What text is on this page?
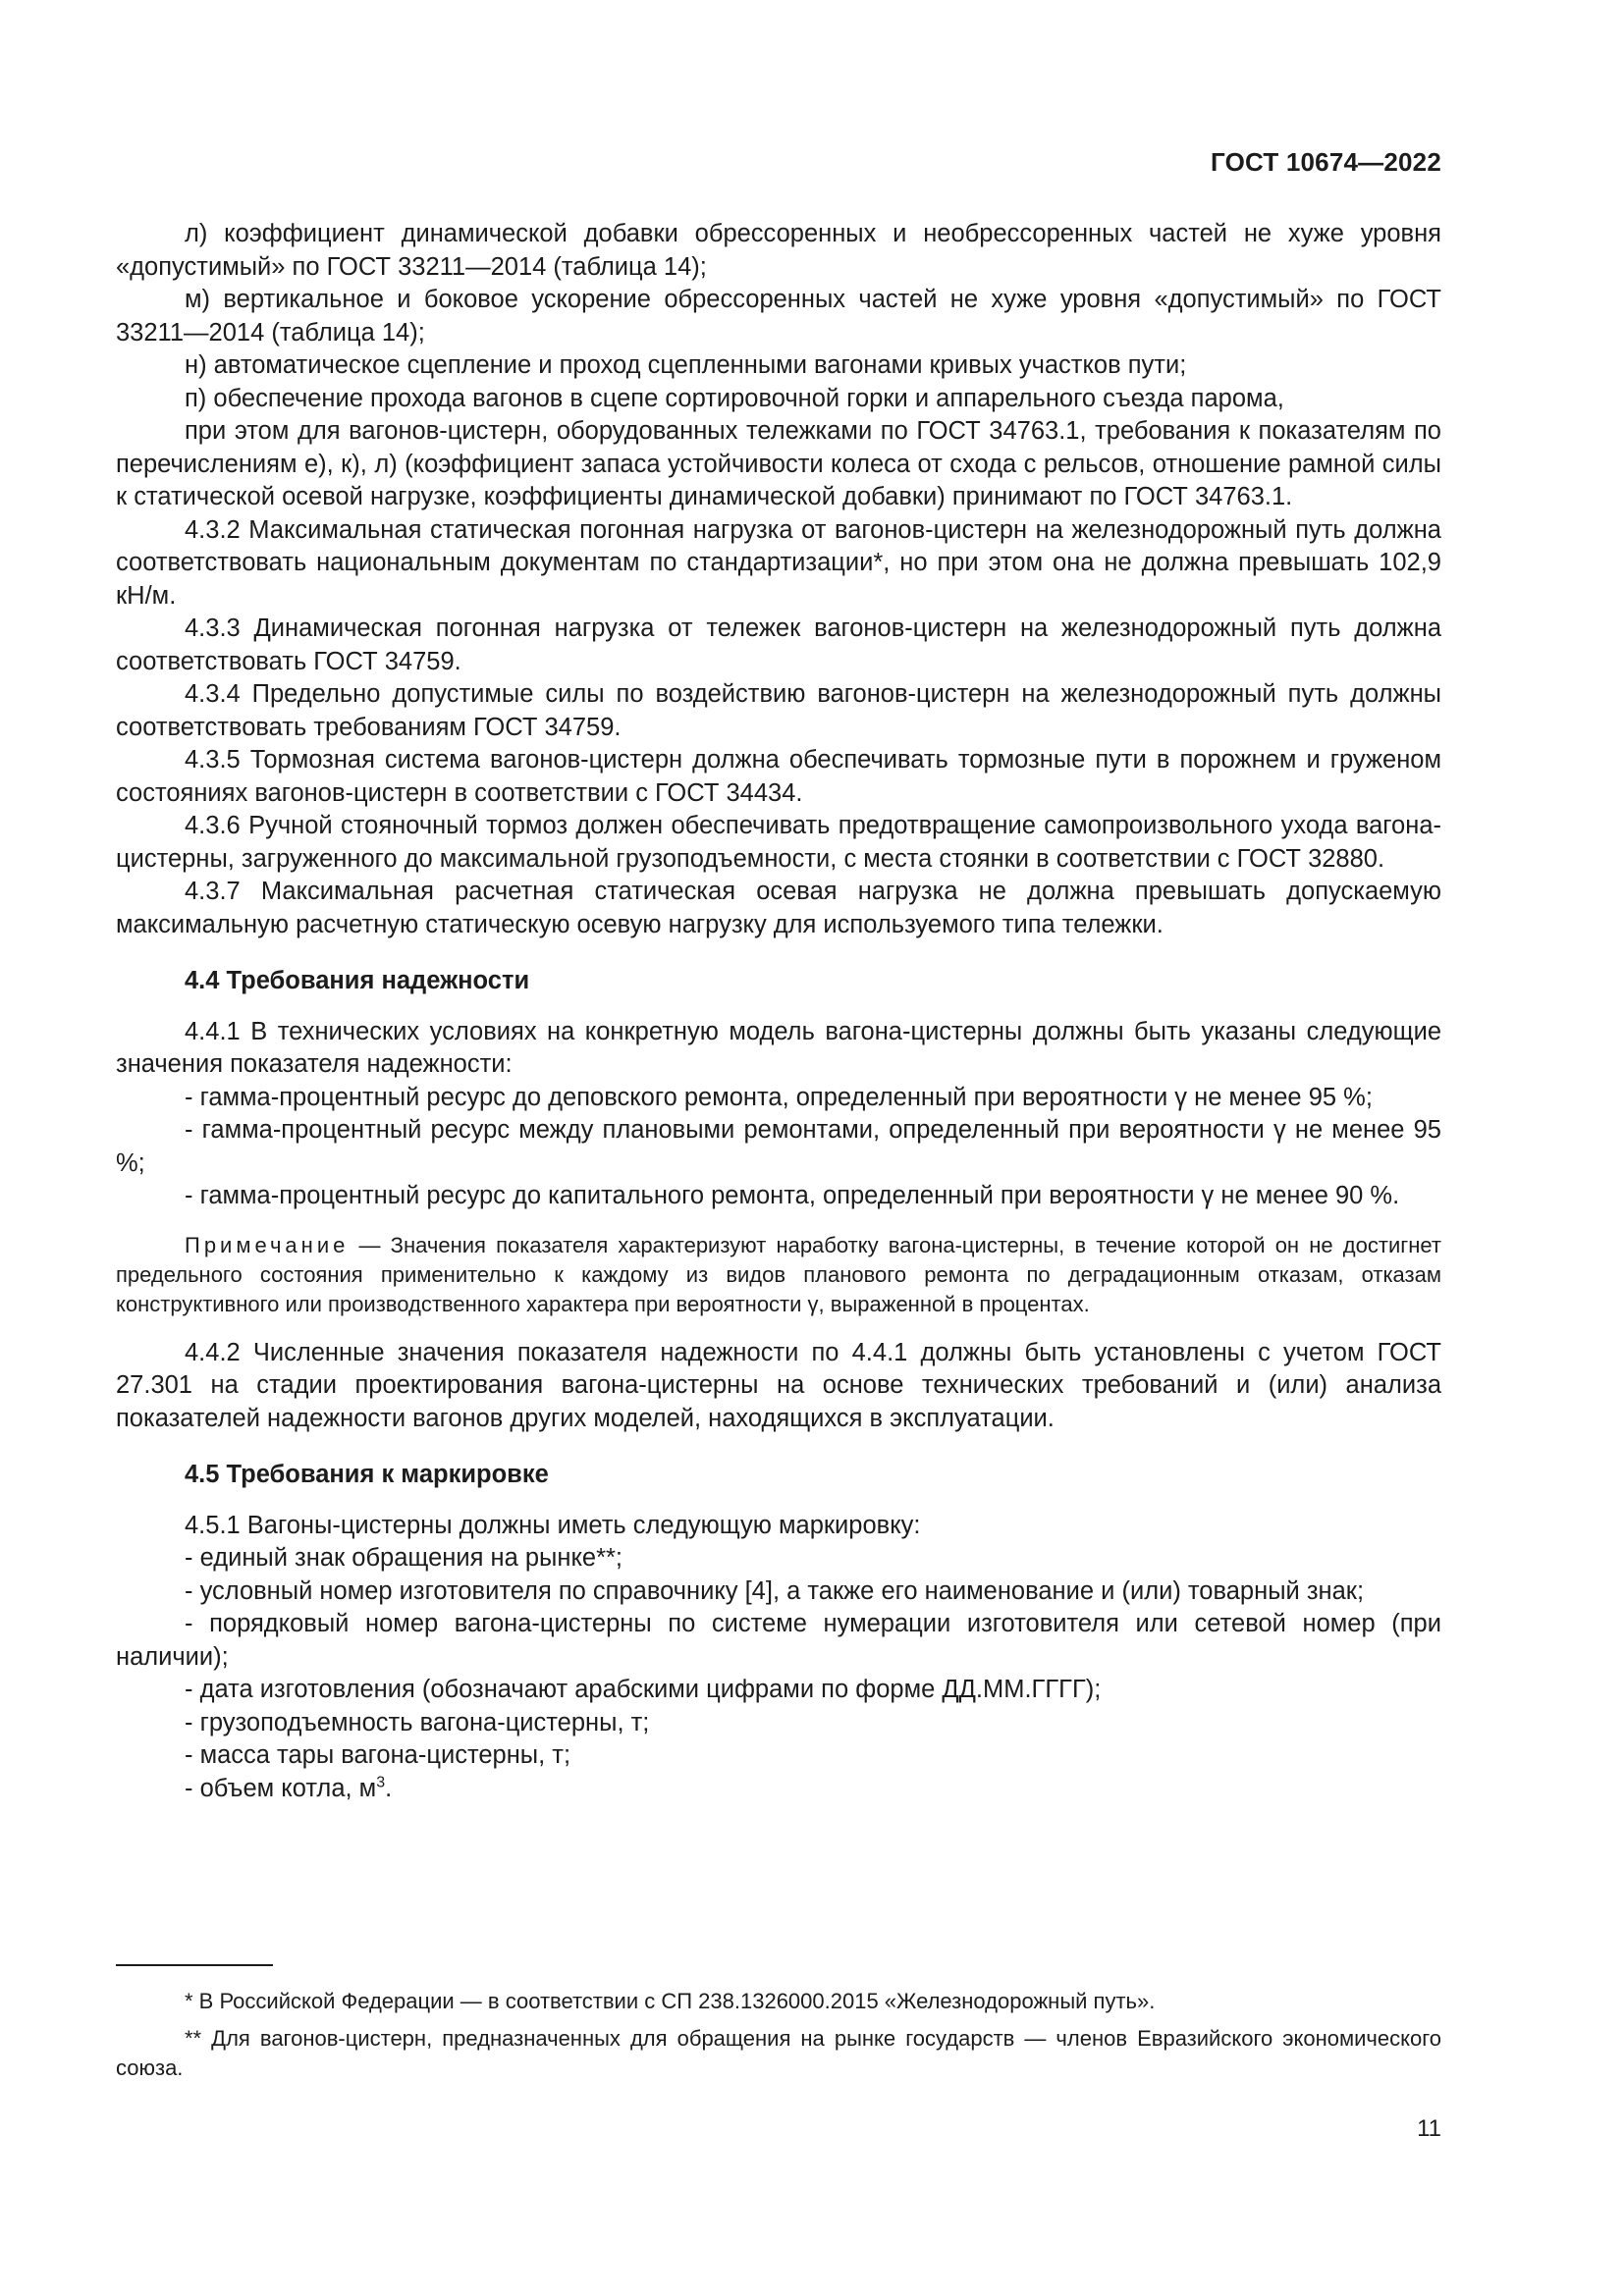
ГОСТ 10674—2022

л) коэффициент динамической добавки обрессоренных и необрессоренных частей не хуже уровня «допустимый» по ГОСТ 33211—2014 (таблица 14);

м) вертикальное и боковое ускорение обрессоренных частей не хуже уровня «допустимый» по ГОСТ 33211—2014 (таблица 14);

н) автоматическое сцепление и проход сцепленными вагонами кривых участков пути;

п) обеспечение прохода вагонов в сцепе сортировочной горки и аппарельного съезда парома,

при этом для вагонов-цистерн, оборудованных тележками по ГОСТ 34763.1, требования к показателям по перечислениям е), к), л) (коэффициент запаса устойчивости колеса от схода с рельсов, отношение рамной силы к статической осевой нагрузке, коэффициенты динамической добавки) принимают по ГОСТ 34763.1.

4.3.2 Максимальная статическая погонная нагрузка от вагонов-цистерн на железнодорожный путь должна соответствовать национальным документам по стандартизации*, но при этом она не должна превышать 102,9 кН/м.

4.3.3 Динамическая погонная нагрузка от тележек вагонов-цистерн на железнодорожный путь должна соответствовать ГОСТ 34759.

4.3.4 Предельно допустимые силы по воздействию вагонов-цистерн на железнодорожный путь должны соответствовать требованиям ГОСТ 34759.

4.3.5 Тормозная система вагонов-цистерн должна обеспечивать тормозные пути в порожнем и груженом состояниях вагонов-цистерн в соответствии с ГОСТ 34434.

4.3.6 Ручной стояночный тормоз должен обеспечивать предотвращение самопроизвольного ухода вагона-цистерны, загруженного до максимальной грузоподъемности, с места стоянки в соответствии с ГОСТ 32880.

4.3.7 Максимальная расчетная статическая осевая нагрузка не должна превышать допускаемую максимальную расчетную статическую осевую нагрузку для используемого типа тележки.

4.4 Требования надежности

4.4.1 В технических условиях на конкретную модель вагона-цистерны должны быть указаны следующие значения показателя надежности:

- гамма-процентный ресурс до деповского ремонта, определенный при вероятности γ не менее 95 %;

- гамма-процентный ресурс между плановыми ремонтами, определенный при вероятности γ не менее 95 %;

- гамма-процентный ресурс до капитального ремонта, определенный при вероятности γ не менее 90 %.

Примечание — Значения показателя характеризуют наработку вагона-цистерны, в течение которой он не достигнет предельного состояния применительно к каждому из видов планового ремонта по деградационным отказам, отказам конструктивного или производственного характера при вероятности γ, выраженной в процентах.

4.4.2 Численные значения показателя надежности по 4.4.1 должны быть установлены с учетом ГОСТ 27.301 на стадии проектирования вагона-цистерны на основе технических требований и (или) анализа показателей надежности вагонов других моделей, находящихся в эксплуатации.

4.5 Требования к маркировке

4.5.1 Вагоны-цистерны должны иметь следующую маркировку:

- единый знак обращения на рынке**;

- условный номер изготовителя по справочнику [4], а также его наименование и (или) товарный знак;

- порядковый номер вагона-цистерны по системе нумерации изготовителя или сетевой номер (при наличии);

- дата изготовления (обозначают арабскими цифрами по форме ДД.ММ.ГГГГ);

- грузоподъемность вагона-цистерны, т;

- масса тары вагона-цистерны, т;

- объем котла, $м^3$.

* В Российской Федерации — в соответствии с СП 238.1326000.2015 «Железнодорожный путь».

** Для вагонов-цистерн, предназначенных для обращения на рынке государств — членов Евразийского экономического союза.

11
